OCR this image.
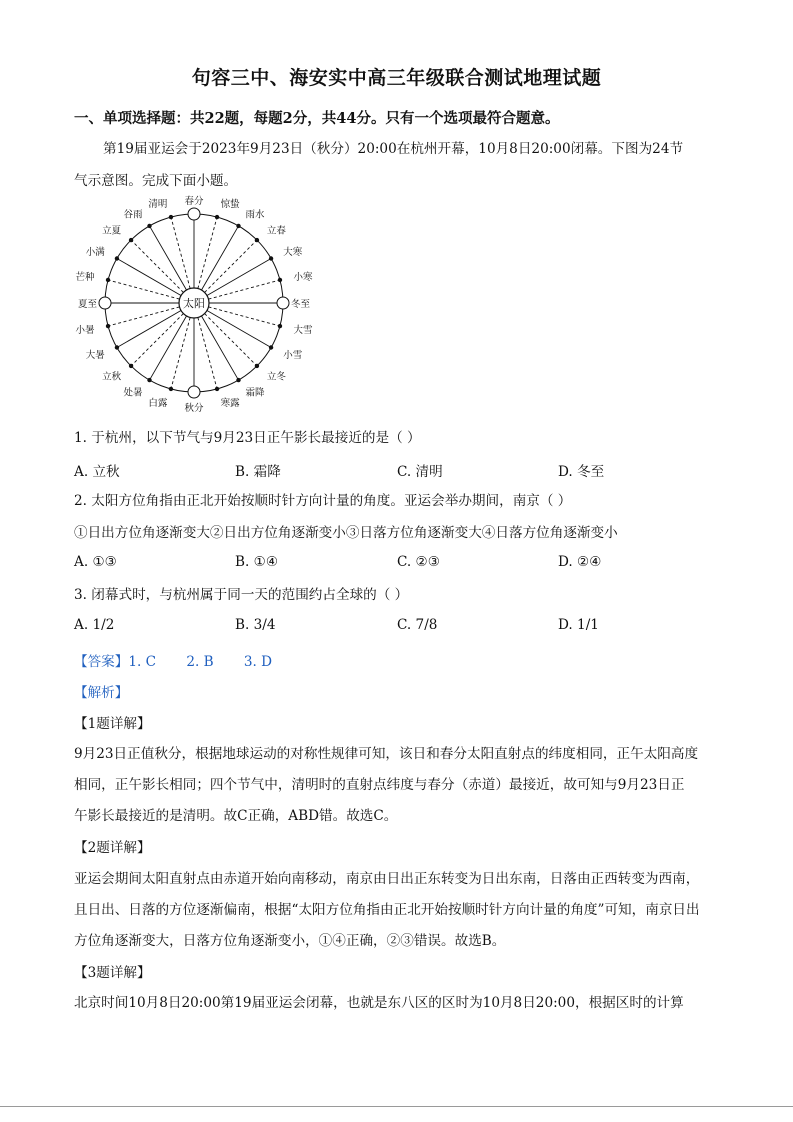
句容三中、海安实中高三年级联合测试地理试题
一、单项选择题：共22题，每题2分，共44分。只有一个选项最符合题意。
第19届亚运会于2023年9月23日（秋分）20:00在杭州开幕，10月8日20:00闭幕。下图为24节
气示意图。完成下面小题。
太阳
春分 惊蛰
雨水
立春
大寒
小寒
冬至
大雪
小雪
立冬
霜降
寒露
秋分
白露
处暑
立秋
大暑
小暑
夏至
芒种
小满
立夏
谷雨
清明
1. 于杭州，以下节气与9月23日正午影长最接近的是（ ）
A. 立秋	B. 霜降	C. 清明	D. 冬至
2. 太阳方位角指由正北开始按顺时针方向计量的角度。亚运会举办期间，南京（ ）
①日出方位角逐渐变大②日出方位角逐渐变小③日落方位角逐渐变大④日落方位角逐渐变小
A. ①③	B. ①④	C. ②③	D. ②④
3. 闭幕式时，与杭州属于同一天的范围约占全球的（ ）
A. 1/2	B. 3/4	C. 7/8	D. 1/1
【答案】1. C       2. B       3. D
【解析】
【1题详解】
9月23日正值秋分，根据地球运动的对称性规律可知，该日和春分太阳直射点的纬度相同，正午太阳高度
相同，正午影长相同；四个节气中，清明时的直射点纬度与春分（赤道）最接近，故可知与9月23日正
午影长最接近的是清明。故C正确，ABD错。故选C。
【2题详解】
亚运会期间太阳直射点由赤道开始向南移动，南京由日出正东转变为日出东南，日落由正西转变为西南，
且日出、日落的方位逐渐偏南，根据“太阳方位角指由正北开始按顺时针方向计量的角度”可知，南京日出
方位角逐渐变大，日落方位角逐渐变小，①④正确，②③错误。故选B。
【3题详解】
北京时间10月8日20:00第19届亚运会闭幕，也就是东八区的区时为10月8日20:00，根据区时的计算
